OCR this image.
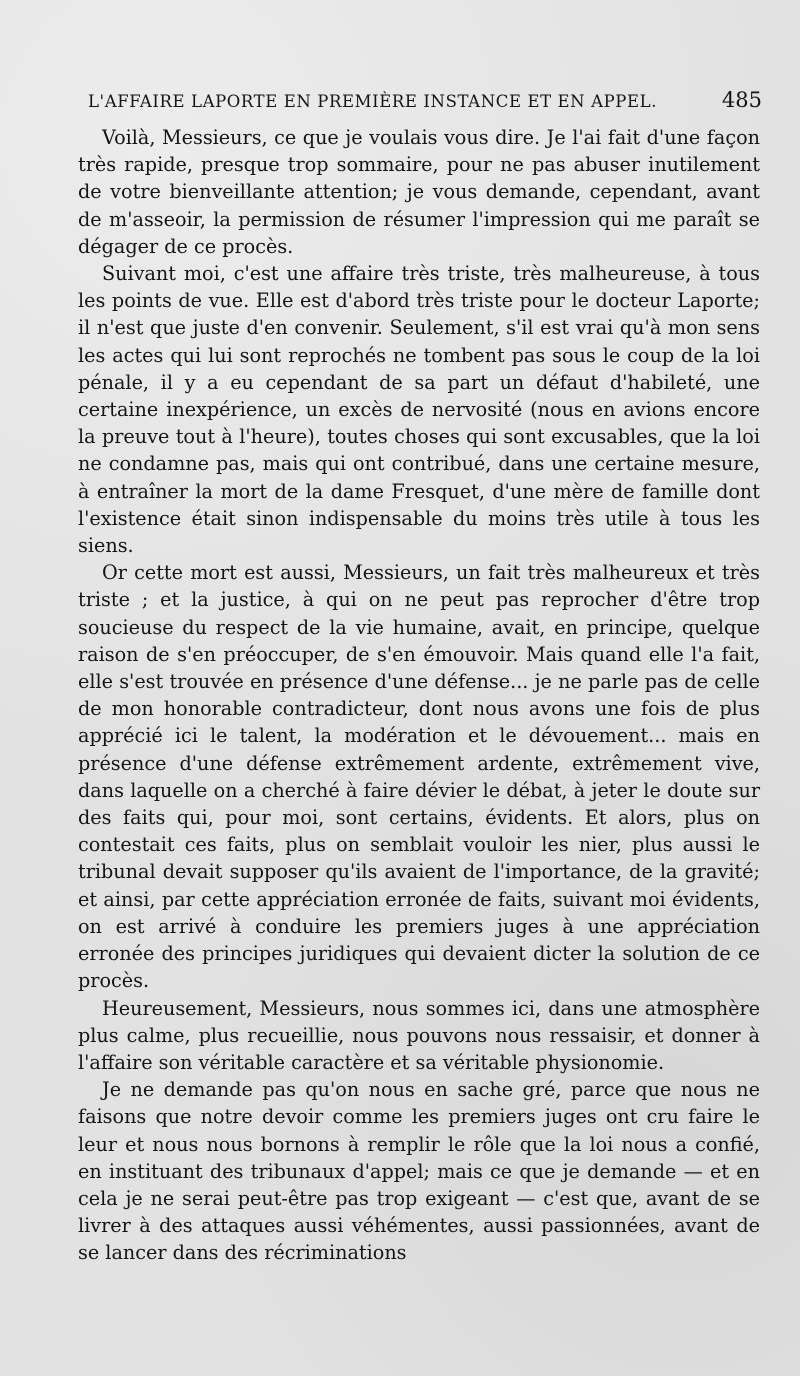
L'AFFAIRE LAPORTE EN PREMIÈRE INSTANCE ET EN APPEL.	485

Voilà, Messieurs, ce que je voulais vous dire. Je l'ai fait d'une façon très rapide, presque trop sommaire, pour ne pas abuser inutilement de votre bienveillante attention; je vous demande, cependant, avant de m'asseoir, la permission de résumer l'impression qui me paraît se dégager de ce procès.

Suivant moi, c'est une affaire très triste, très malheureuse, à tous les points de vue. Elle est d'abord très triste pour le docteur Laporte; il n'est que juste d'en convenir. Seulement, s'il est vrai qu'à mon sens les actes qui lui sont reprochés ne tombent pas sous le coup de la loi pénale, il y a eu cependant de sa part un défaut d'habileté, une certaine inexpérience, un excès de nervosité (nous en avions encore la preuve tout à l'heure), toutes choses qui sont excusables, que la loi ne condamne pas, mais qui ont contribué, dans une certaine mesure, à entraîner la mort de la dame Fresquet, d'une mère de famille dont l'existence était sinon indispensable du moins très utile à tous les siens.

Or cette mort est aussi, Messieurs, un fait très malheureux et très triste ; et la justice, à qui on ne peut pas reprocher d'être trop soucieuse du respect de la vie humaine, avait, en principe, quelque raison de s'en préoccuper, de s'en émouvoir. Mais quand elle l'a fait, elle s'est trouvée en présence d'une défense... je ne parle pas de celle de mon honorable contradicteur, dont nous avons une fois de plus apprécié ici le talent, la modération et le dévouement... mais en présence d'une défense extrêmement ardente, extrêmement vive, dans laquelle on a cherché à faire dévier le débat, à jeter le doute sur des faits qui, pour moi, sont certains, évidents. Et alors, plus on contestait ces faits, plus on semblait vouloir les nier, plus aussi le tribunal devait supposer qu'ils avaient de l'importance, de la gravité; et ainsi, par cette appréciation erronée de faits, suivant moi évidents, on est arrivé à conduire les premiers juges à une appréciation erronée des principes juridiques qui devaient dicter la solution de ce procès.

Heureusement, Messieurs, nous sommes ici, dans une atmosphère plus calme, plus recueillie, nous pouvons nous ressaisir, et donner à l'affaire son véritable caractère et sa véritable physionomie.

Je ne demande pas qu'on nous en sache gré, parce que nous ne faisons que notre devoir comme les premiers juges ont cru faire le leur et nous nous bornons à remplir le rôle que la loi nous a confié, en instituant des tribunaux d'appel; mais ce que je demande — et en cela je ne serai peut-être pas trop exigeant — c'est que, avant de se livrer à des attaques aussi véhémentes, aussi passionnées, avant de se lancer dans des récriminations
